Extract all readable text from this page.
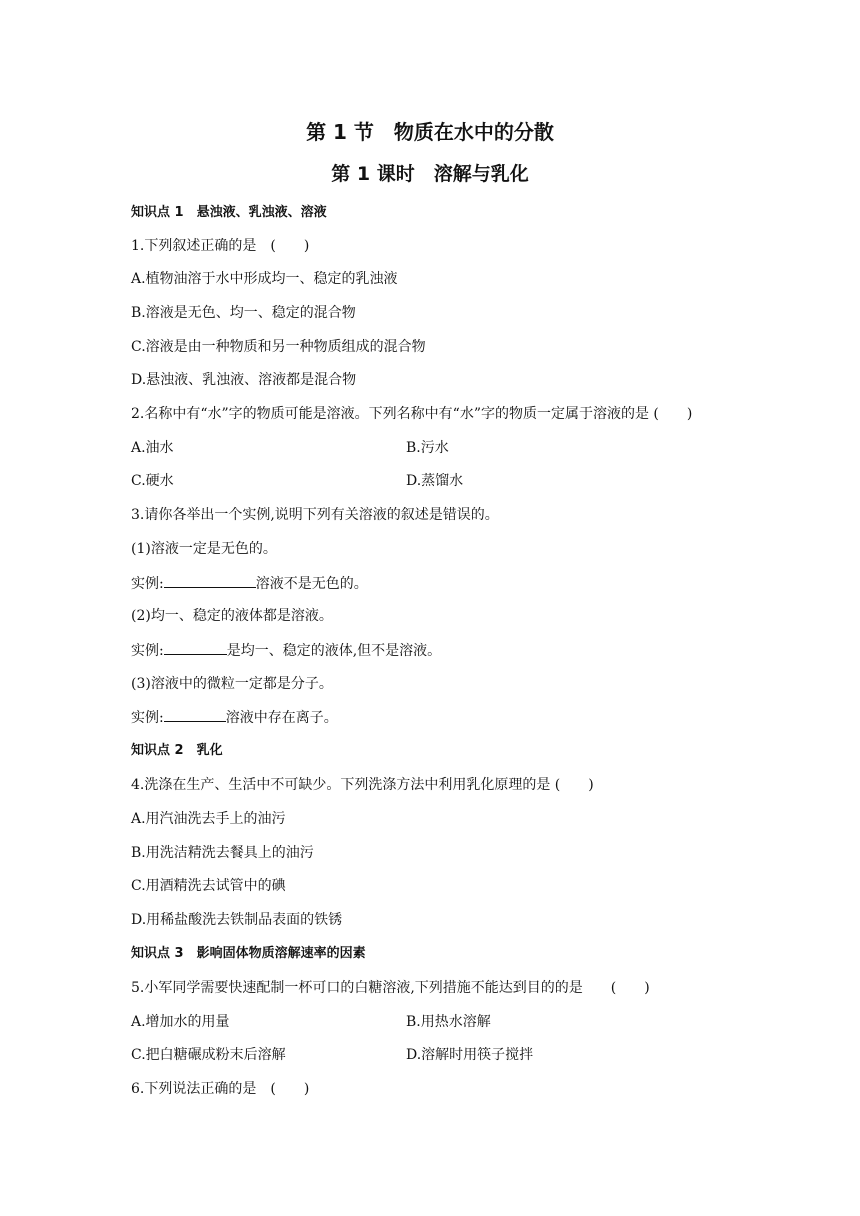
第 1 节　物质在水中的分散
第 1 课时　溶解与乳化
知识点 1　悬浊液、乳浊液、溶液
1.下列叙述正确的是　(　　)
A.植物油溶于水中形成均一、稳定的乳浊液
B.溶液是无色、均一、稳定的混合物
C.溶液是由一种物质和另一种物质组成的混合物
D.悬浊液、乳浊液、溶液都是混合物
2.名称中有“水”字的物质可能是溶液。下列名称中有“水”字的物质一定属于溶液的是 (　　)
A.油水	B.污水
C.硬水	D.蒸馏水
3.请你各举出一个实例,说明下列有关溶液的叙述是错误的。
(1)溶液一定是无色的。
实例:	溶液不是无色的。
(2)均一、稳定的液体都是溶液。
实例:	是均一、稳定的液体,但不是溶液。
(3)溶液中的微粒一定都是分子。
实例:	溶液中存在离子。
知识点 2　乳化
4.洗涤在生产、生活中不可缺少。下列洗涤方法中利用乳化原理的是 (　　)
A.用汽油洗去手上的油污
B.用洗洁精洗去餐具上的油污
C.用酒精洗去试管中的碘
D.用稀盐酸洗去铁制品表面的铁锈
知识点 3　影响固体物质溶解速率的因素
5.小军同学需要快速配制一杯可口的白糖溶液,下列措施不能达到目的的是　　(　　)
A.增加水的用量	B.用热水溶解
C.把白糖碾成粉末后溶解	D.溶解时用筷子搅拌
6.下列说法正确的是　(　　)
